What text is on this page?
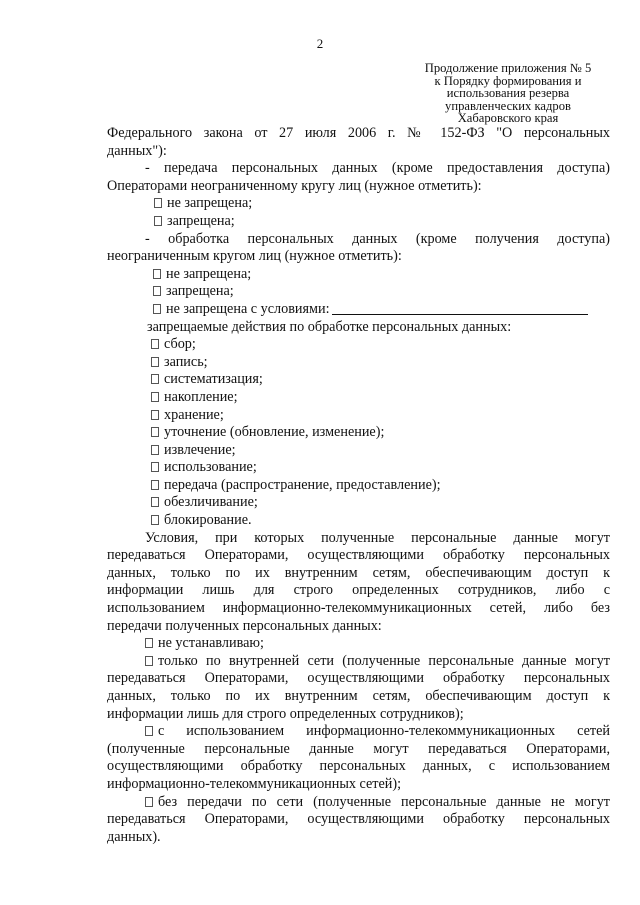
2
Продолжение приложения № 5
к Порядку формирования и
использования резерва
управленческих кадров
Хабаровского края

Федерального закона от 27 июля 2006 г. № 152-ФЗ "О персональных

данных"):

- передача персональных данных (кроме предоставления доступа)

Операторами неограниченному кругу лиц (нужное отметить):

не запрещена;
запрещена;

- обработка персональных данных (кроме получения доступа)

неограниченным кругом лиц (нужное отметить):

не запрещена;
запрещена;
не запрещена с условиями:

запрещаемые действия по обработке персональных данных:

сбор;
запись;
систематизация;
накопление;
хранение;
уточнение (обновление, изменение);
извлечение;
использование;
передача (распространение, предоставление);
обезличивание;
блокирование.

Условия, при которых полученные персональные данные могут

передаваться Операторами, осуществляющими обработку персональных

данных, только по их внутренним сетям, обеспечивающим доступ к

информации лишь для строго определенных сотрудников, либо с

использованием информационно-телекоммуникационных сетей, либо без

передачи полученных персональных данных:

не устанавливаю;

только по внутренней сети (полученные персональные данные могут

передаваться Операторами, осуществляющими обработку персональных

данных, только по их внутренним сетям, обеспечивающим доступ к

информации лишь для строго определенных сотрудников);

с использованием информационно-телекоммуникационных сетей

(полученные персональные данные могут передаваться Операторами,

осуществляющими обработку персональных данных, с использованием

информационно-телекоммуникационных сетей);

без передачи по сети (полученные персональные данные не могут

передаваться Операторами, осуществляющими обработку персональных

данных).
